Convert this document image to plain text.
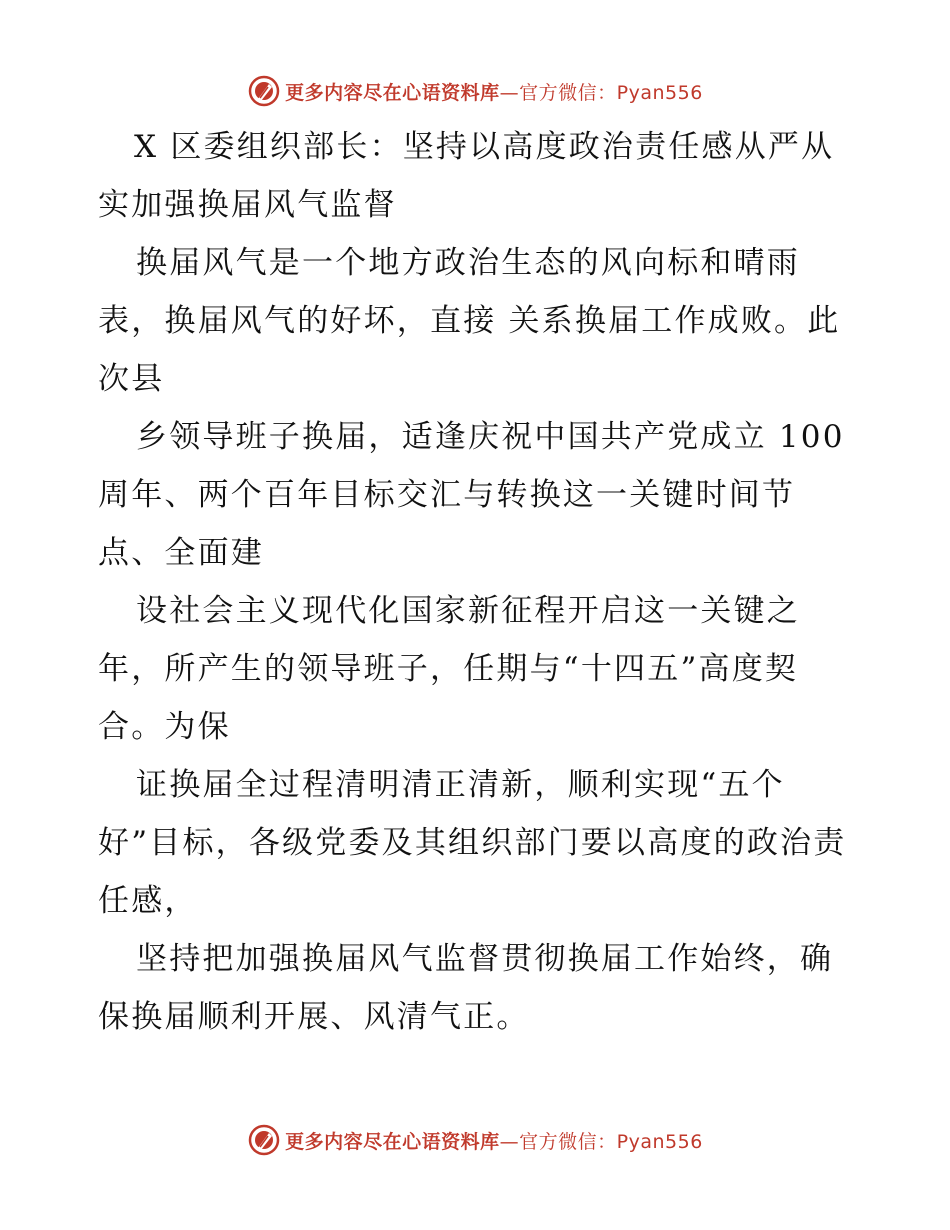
更多内容尽在心语资料库—官方微信：Pyan556

X 区委组织部长：坚持以高度政治责任感从严从实加强换届风气监督

换届风气是一个地方政治生态的风向标和晴雨表，换届风气的好坏，直接 关系换届工作成败。此次县

乡领导班子换届，适逢庆祝中国共产党成立 100 周年、两个百年目标交汇与转换这一关键时间节点、全面建

设社会主义现代化国家新征程开启这一关键之年，所产生的领导班子，任期与“十四五”高度契合。为保

证换届全过程清明清正清新，顺利实现“五个好”目标，各级党委及其组织部门要以高度的政治责任感，

坚持把加强换届风气监督贯彻换届工作始终，确保换届顺利开展、风清气正。

更多内容尽在心语资料库—官方微信：Pyan556
